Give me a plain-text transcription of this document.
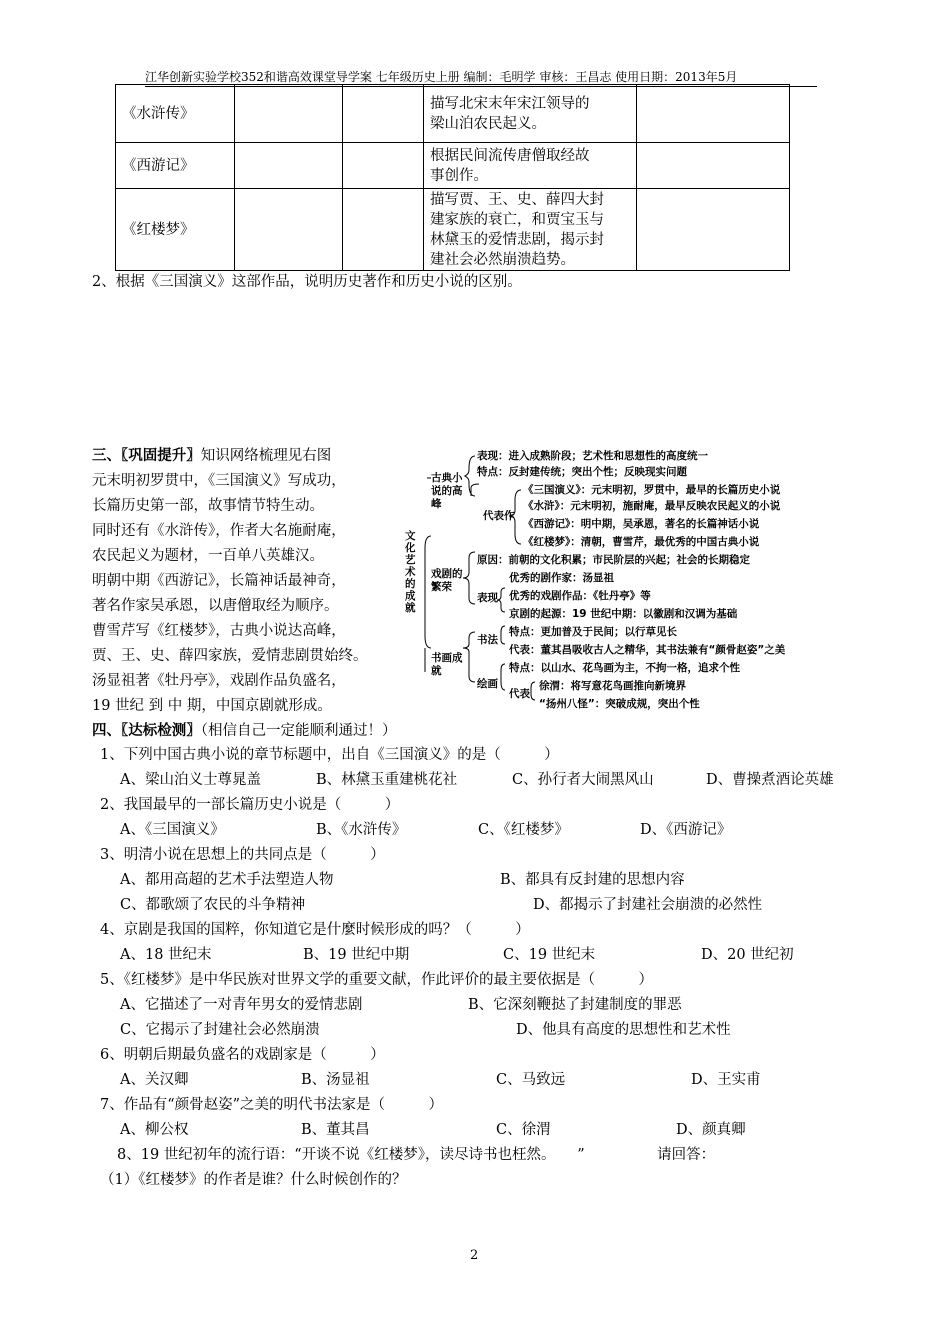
江华创新实验学校352和谐高效课堂导学案 七年级历史上册 编制：毛明学 审核：王昌志 使用日期：2013年5月
《水浒传》			描写北宋末年宋江领导的
梁山泊农民起义。	

《西游记》			根据民间流传唐僧取经故
事创作。	

《红楼梦》			描写贾、王、史、薛四大封
建家族的衰亡，和贾宝玉与
林黛玉的爱情悲剧，揭示封
建社会必然崩溃趋势。	

2、根据《三国演义》这部作品，说明历史著作和历史小说的区别。
三、〖巩固提升〗知识网络梳理见右图
元末明初罗贯中，《三国演义》写成功，
长篇历史第一部，故事情节特生动。
同时还有《水浒传》，作者大名施耐庵，
农民起义为题材，一百单八英雄汉。
明朝中期《西游记》，长篇神话最神奇，
著名作家吴承恩，以唐僧取经为顺序。
曹雪芹写《红楼梦》，古典小说达高峰，
贾、王、史、薛四家族，爱情悲剧贯始终。
汤显祖著《牡丹亭》，戏剧作品负盛名，
19 世纪 到 中 期，中国京剧就形成。
文化艺术的成就
古典小说的高峰
表现：进入成熟阶段；艺术性和思想性的高度统一
特点：反封建传统；突出个性；反映现实问题
代表作
《三国演义》：元末明初，罗贯中，最早的长篇历史小说
《水浒》：元末明初，施耐庵，最早反映农民起义的小说
《西游记》：明中期，吴承恩，著名的长篇神话小说
《红楼梦》：清朝，曹雪芹，最优秀的中国古典小说
戏剧的繁荣
原因：前朝的文化积累；市民阶层的兴起；社会的长期稳定
表现
优秀的剧作家：汤显祖
优秀的戏剧作品：《牡丹亭》等
京剧的起源：19 世纪中期：以徽剧和汉调为基础
书画成就
书法
特点：更加普及于民间；以行草见长
代表：董其昌吸收古人之精华，其书法兼有“颜骨赵姿”之美
绘画
特点：以山水、花鸟画为主，不拘一格，追求个性
代表
徐渭：将写意花鸟画推向新境界
“扬州八怪”：突破成规，突出个性
四、〖达标检测〗（相信自己一定能顺利通过！）
1、下列中国古典小说的章节标题中，出自《三国演义》的是（　　　）
A、梁山泊义士尊晁盖	B、林黛玉重建桃花社	C、孙行者大闹黑风山	D、曹操煮酒论英雄
2、我国最早的一部长篇历史小说是（　　　）
A、《三国演义》	B、《水浒传》	C、《红楼梦》	D、《西游记》
3、明清小说在思想上的共同点是（　　　）
A、都用高超的艺术手法塑造人物	B、都具有反封建的思想内容
C、都歌颂了农民的斗争精神	D、都揭示了封建社会崩溃的必然性
4、京剧是我国的国粹，你知道它是什麼时候形成的吗？（　　　）
A、18 世纪末	B、19 世纪中期	C、19 世纪末	D、20 世纪初
5、《红楼梦》是中华民族对世界文学的重要文献，作此评价的最主要依据是（　　　）
A、它描述了一对青年男女的爱情悲剧	B、它深刻鞭挞了封建制度的罪恶
C、它揭示了封建社会必然崩溃	D、他具有高度的思想性和艺术性
6、明朝后期最负盛名的戏剧家是（　　　）
A、关汉卿	B、汤显祖	C、马致远	D、王实甫
7、作品有“颜骨赵姿”之美的明代书法家是（　　　）
A、柳公权	B、董其昌	C、徐渭	D、颜真卿
8、19 世纪初年的流行语：“开谈不说《红楼梦》，读尽诗书也枉然。　　”　　　　　请回答：
（1）《红楼梦》的作者是谁？什么时候创作的？
2
